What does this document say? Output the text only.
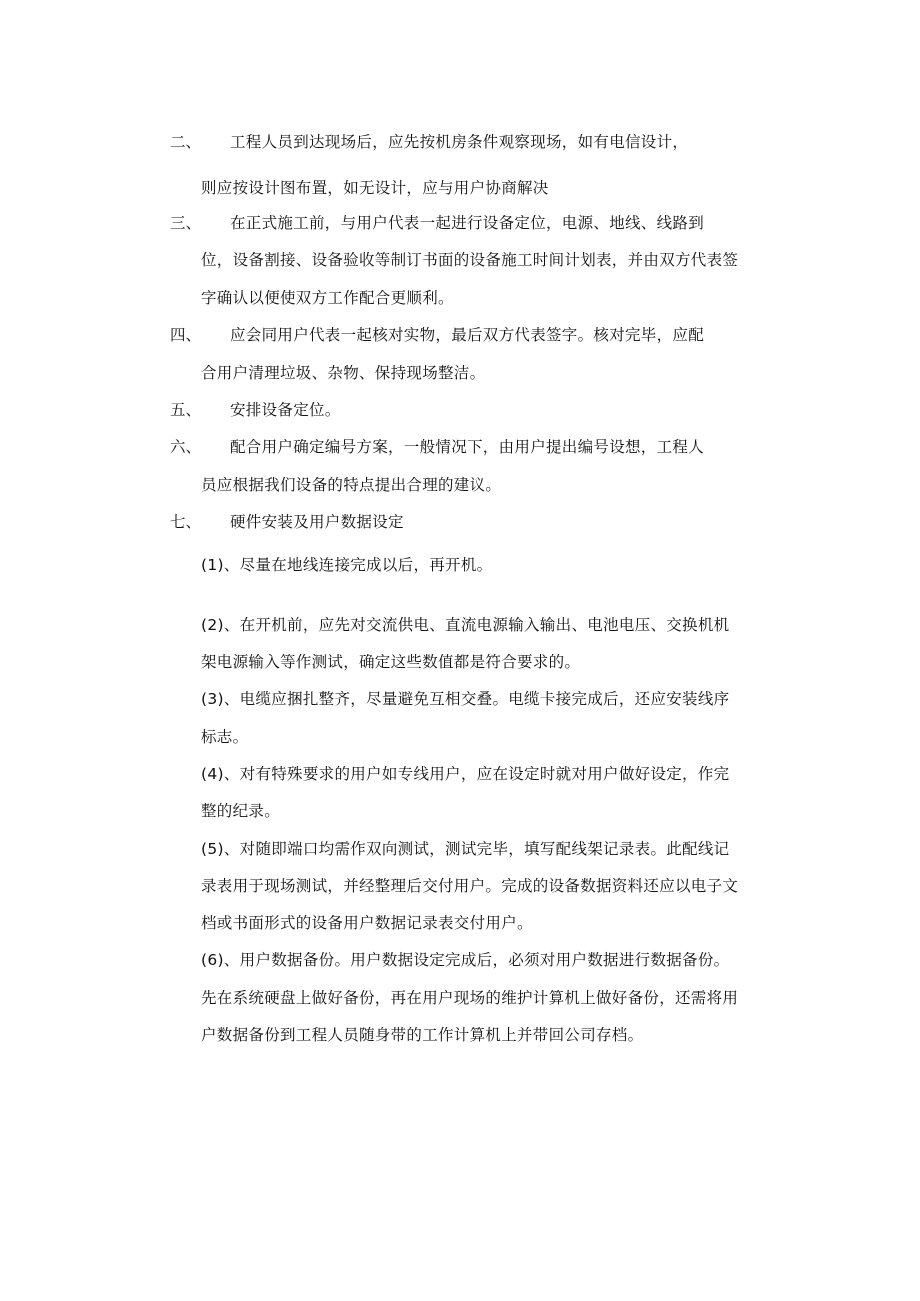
二、 工程人员到达现场后，应先按机房条件观察现场，如有电信设计，
则应按设计图布置，如无设计，应与用户协商解决
三、 在正式施工前，与用户代表一起进行设备定位，电源、地线、线路到
位，设备割接、设备验收等制订书面的设备施工时间计划表，并由双方代表签
字确认以便使双方工作配合更顺利。
四、 应会同用户代表一起核对实物，最后双方代表签字。核对完毕，应配
合用户清理垃圾、杂物、保持现场整洁。
五、 安排设备定位。
六、 配合用户确定编号方案，一般情况下，由用户提出编号设想，工程人
员应根据我们设备的特点提出合理的建议。
七、 硬件安装及用户数据设定
(1)、尽量在地线连接完成以后，再开机。
(2)、在开机前，应先对交流供电、直流电源输入输出、电池电压、交换机机
架电源输入等作测试，确定这些数值都是符合要求的。
(3)、电缆应捆扎整齐，尽量避免互相交叠。电缆卡接完成后，还应安装线序
标志。
(4)、对有特殊要求的用户如专线用户，应在设定时就对用户做好设定，作完
整的纪录。
(5)、对随即端口均需作双向测试，测试完毕，填写配线架记录表。此配线记
录表用于现场测试，并经整理后交付用户。完成的设备数据资料还应以电子文
档或书面形式的设备用户数据记录表交付用户。
(6)、用户数据备份。用户数据设定完成后，必须对用户数据进行数据备份。
先在系统硬盘上做好备份，再在用户现场的维护计算机上做好备份，还需将用
户数据备份到工程人员随身带的工作计算机上并带回公司存档。
